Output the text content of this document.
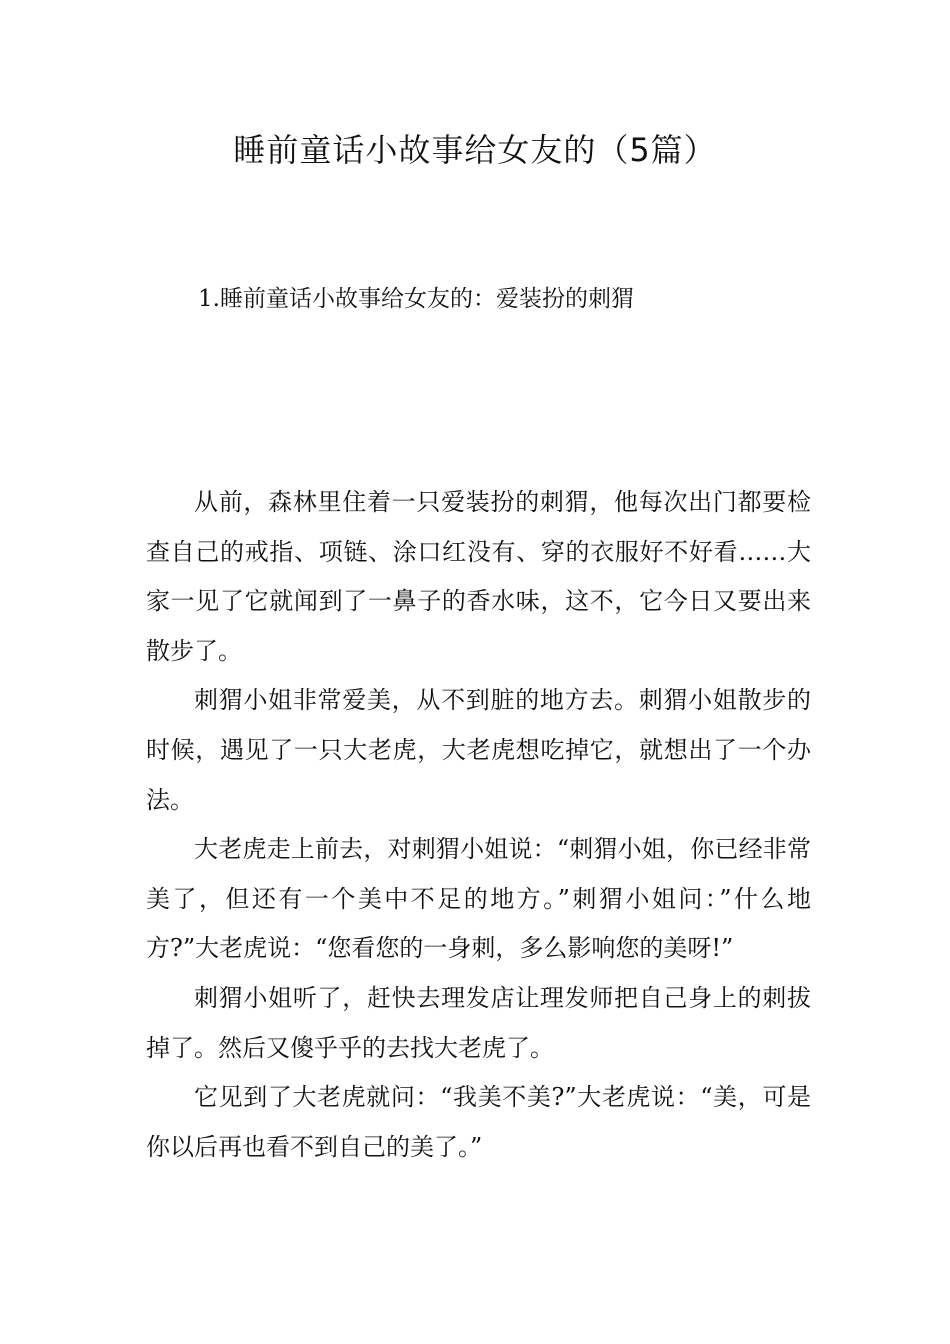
睡前童话小故事给女友的（5篇）
1.睡前童话小故事给女友的：爱装扮的刺猬

从前，森林里住着一只爱装扮的刺猬，他每次出门都要检查自己的戒指、项链、涂口红没有、穿的衣服好不好看……大家一见了它就闻到了一鼻子的香水味，这不，它今日又要出来散步了。

刺猬小姐非常爱美，从不到脏的地方去。刺猬小姐散步的时候，遇见了一只大老虎，大老虎想吃掉它，就想出了一个办法。

大老虎走上前去，对刺猬小姐说：“刺猬小姐，你已经非常美了，但还有一个美中不足的地方。”刺猬小姐问：”什么地方?”大老虎说：“您看您的一身刺，多么影响您的美呀!”

刺猬小姐听了，赶快去理发店让理发师把自己身上的刺拔掉了。然后又傻乎乎的去找大老虎了。

它见到了大老虎就问：“我美不美?”大老虎说：“美，可是你以后再也看不到自己的美了。”
